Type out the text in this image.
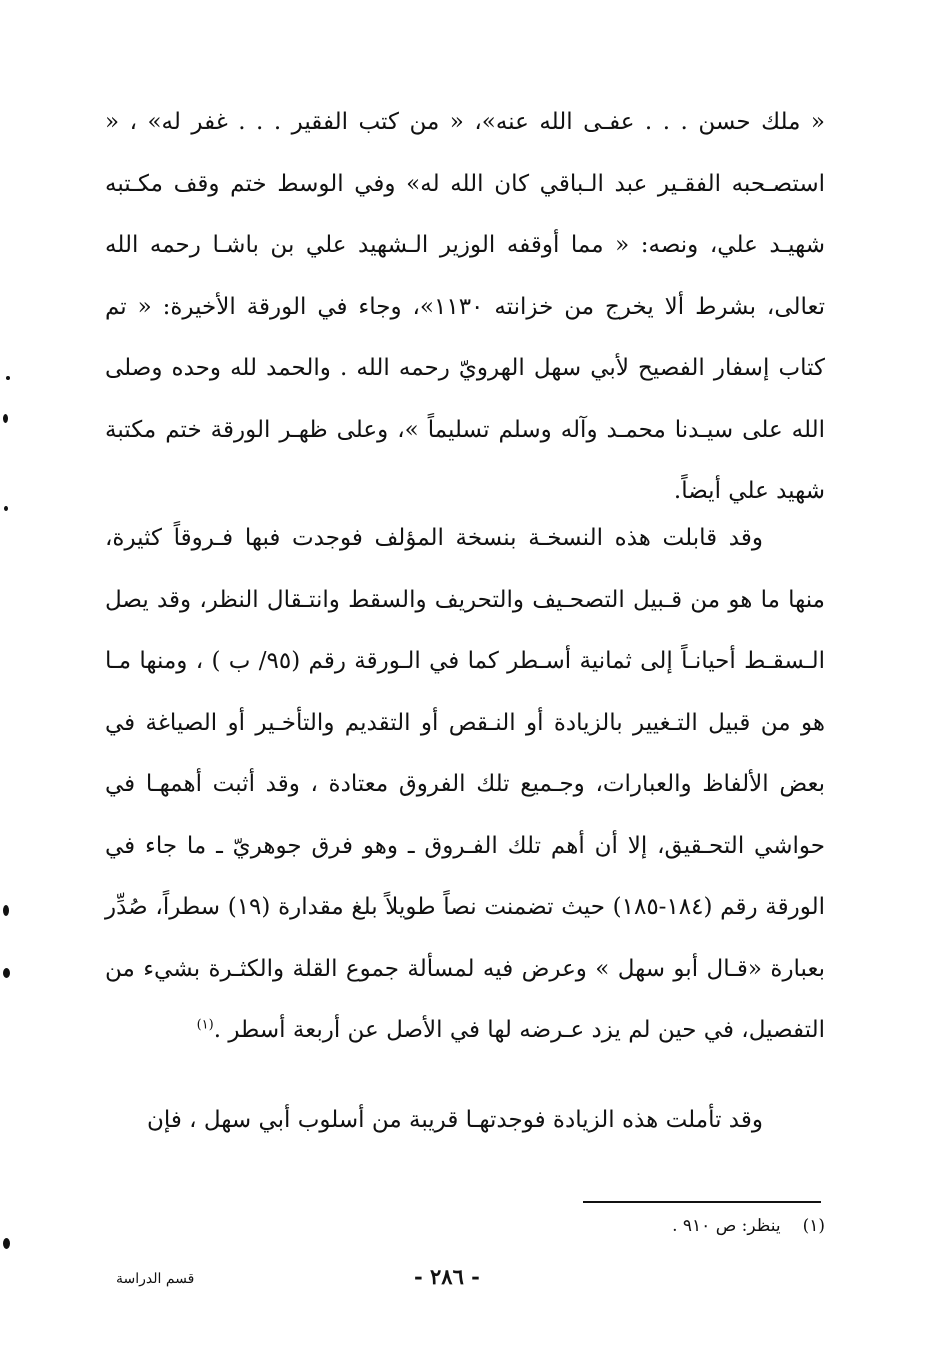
« ملك حسن . . . عفـى الله عنه»، « من كتب الفقير . . . غفر له» ، « استصـحبه الفقـير عبد الـباقي كان الله له» وفي الوسط ختم وقف مكـتبه شهيـد علي، ونصه: « مما أوقفه الوزير الـشهيد علي بن باشـا رحمه الله تعالى، بشرط ألا يخرج من خزانته ١١٣٠»، وجاء في الورقة الأخيرة: « تم كتاب إسفار الفصيح لأبي سهل الهرويّ رحمه الله . والحمد لله وحده وصلى الله على سيـدنا محمـد وآله وسلم تسليماً »، وعلى ظهـر الورقة ختم مكتبة شهيد علي أيضاً.
وقد قابلت هذه النسخـة بنسخة المؤلف فوجدت فبها فـروقاً كثيرة، منها ما هو من قـبيل التصحـيف والتحريف والسقط وانتـقال النظر، وقد يصل الـسقـط أحيانـاً إلى ثمانية أسـطر كما في الـورقة رقم (٩٥/ ب ) ، ومنها مـا هو من قبيل التـغيير بالزيادة أو النـقص أو التقديم والتأخـير أو الصياغة في بعض الألفاظ والعبارات، وجـميع تلك الفروق معتادة ، وقد أثبت أهمهـا في حواشي التحـقيق، إلا أن أهم تلك الفـروق ـ وهو فرق جوهريّ ـ ما جاء في الورقة رقم (١٨٤-١٨٥) حيث تضمنت نصاً طويلاً بلغ مقدارة (١٩) سطراً، صُدِّر بعبارة «قـال أبو سهل » وعرض فيه لمسألة جموع القلة والكثـرة بشيء من التفصيل، في حين لم يزد عـرضه لها في الأصل عن أربعة أسطر .$^{(١)}$
وقد تأملت هذه الزيادة فوجدتهـا قريبة من أسلوب أبي سهل ، فإن
(١)ينظر: ص ٩١٠ .
- ٢٨٦ -
قسم الدراسة
